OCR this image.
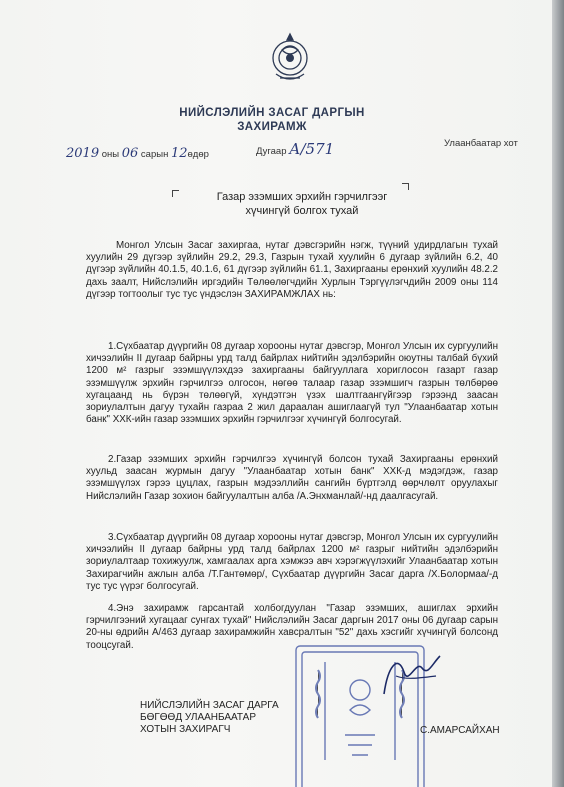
НИЙСЛЭЛИЙН ЗАСАГ ДАРГЫН
ЗАХИРАМЖ
2019 оны 06 сарын 12өдөр	Дугаар А/571	Улаанбаатар хот
Газар эзэмших эрхийн гэрчилгээг
хүчингүй болгох тухай
Монгол Улсын Засаг захиргаа, нутаг дэвсгэрийн нэгж, түүний удирдлагын тухай хуулийн 29 дүгээр зүйлийн 29.2, 29.3, Газрын тухай хуулийн 6 дугаар зүйлийн 6.2, 40 дүгээр зүйлийн 40.1.5, 40.1.6, 61 дүгээр зүйлийн 61.1, Захиргааны ерөнхий хуулийн 48.2.2 дахь заалт, Нийслэлийн иргэдийн Төлөөлөгчдийн Хурлын Тэргүүлэгчдийн 2009 оны 114 дүгээр тогтоолыг тус тус үндэслэн ЗАХИРАМЖЛАХ нь:
1.Сүхбаатар дүүргийн 08 дугаар хорооны нутаг дэвсгэр, Монгол Улсын их сургуулийн хичээлийн II дугаар байрны урд талд байрлах нийтийн эдэлбэрийн оюутны талбай бүхий 1200 м² газрыг эзэмшүүлэхдээ захиргааны байгууллага хориглосон газарт газар эзэмшүүлж эрхийн гэрчилгээ олгосон, нөгөө талаар газар эзэмшигч газрын төлбөрөө хугацаанд нь бүрэн төлөөгүй, хүндэтгэн үзэх шалтгаангүйгээр гэрээнд заасан зориулалтын дагуу тухайн газраа 2 жил дараалан ашиглаагүй тул "Улаанбаатар хотын банк" ХХК-ийн газар эзэмших эрхийн гэрчилгээг хүчингүй болгосугай.
2.Газар эзэмших эрхийн гэрчилгээ хүчингүй болсон тухай Захиргааны ерөнхий хуульд заасан журмын дагуу "Улаанбаатар хотын банк" ХХК-д мэдэгдэж, газар эзэмшүүлэх гэрээ цуцлах, газрын мэдээллийн сангийн бүртгэлд өөрчлөлт оруулахыг Нийслэлийн Газар зохион байгуулалтын алба /А.Энхманлай/-нд даалгасугай.
3.Сүхбаатар дүүргийн 08 дугаар хорооны нутаг дэвсгэр, Монгол Улсын их сургуулийн хичээлийн II дугаар байрны урд талд байрлах 1200 м² газрыг нийтийн эдэлбэрийн зориулалтаар тохижуулж, хамгаалах арга хэмжээ авч хэрэгжүүлэхийг Улаанбаатар хотын Захирагчийн ажлын алба /Т.Гантөмөр/, Сүхбаатар дүүргийн Засаг дарга /Х.Болормаа/-д тус тус үүрэг болгосугай.
4.Энэ захирамж гарсантай холбогдуулан "Газар эзэмших, ашиглах эрхийн гэрчилгээний хугацааг сунгах тухай" Нийслэлийн Засаг даргын 2017 оны 06 дугаар сарын 20-ны өдрийн А/463 дугаар захирамжийн хавсралтын "52" дахь хэсгийг хүчингүй болсонд тооцсугай.
НИЙСЛЭЛИЙН ЗАСАГ ДАРГА
БӨГӨӨД УЛААНБААТАР
ХОТЫН ЗАХИРАГЧ	С.АМАРСАЙХАН
